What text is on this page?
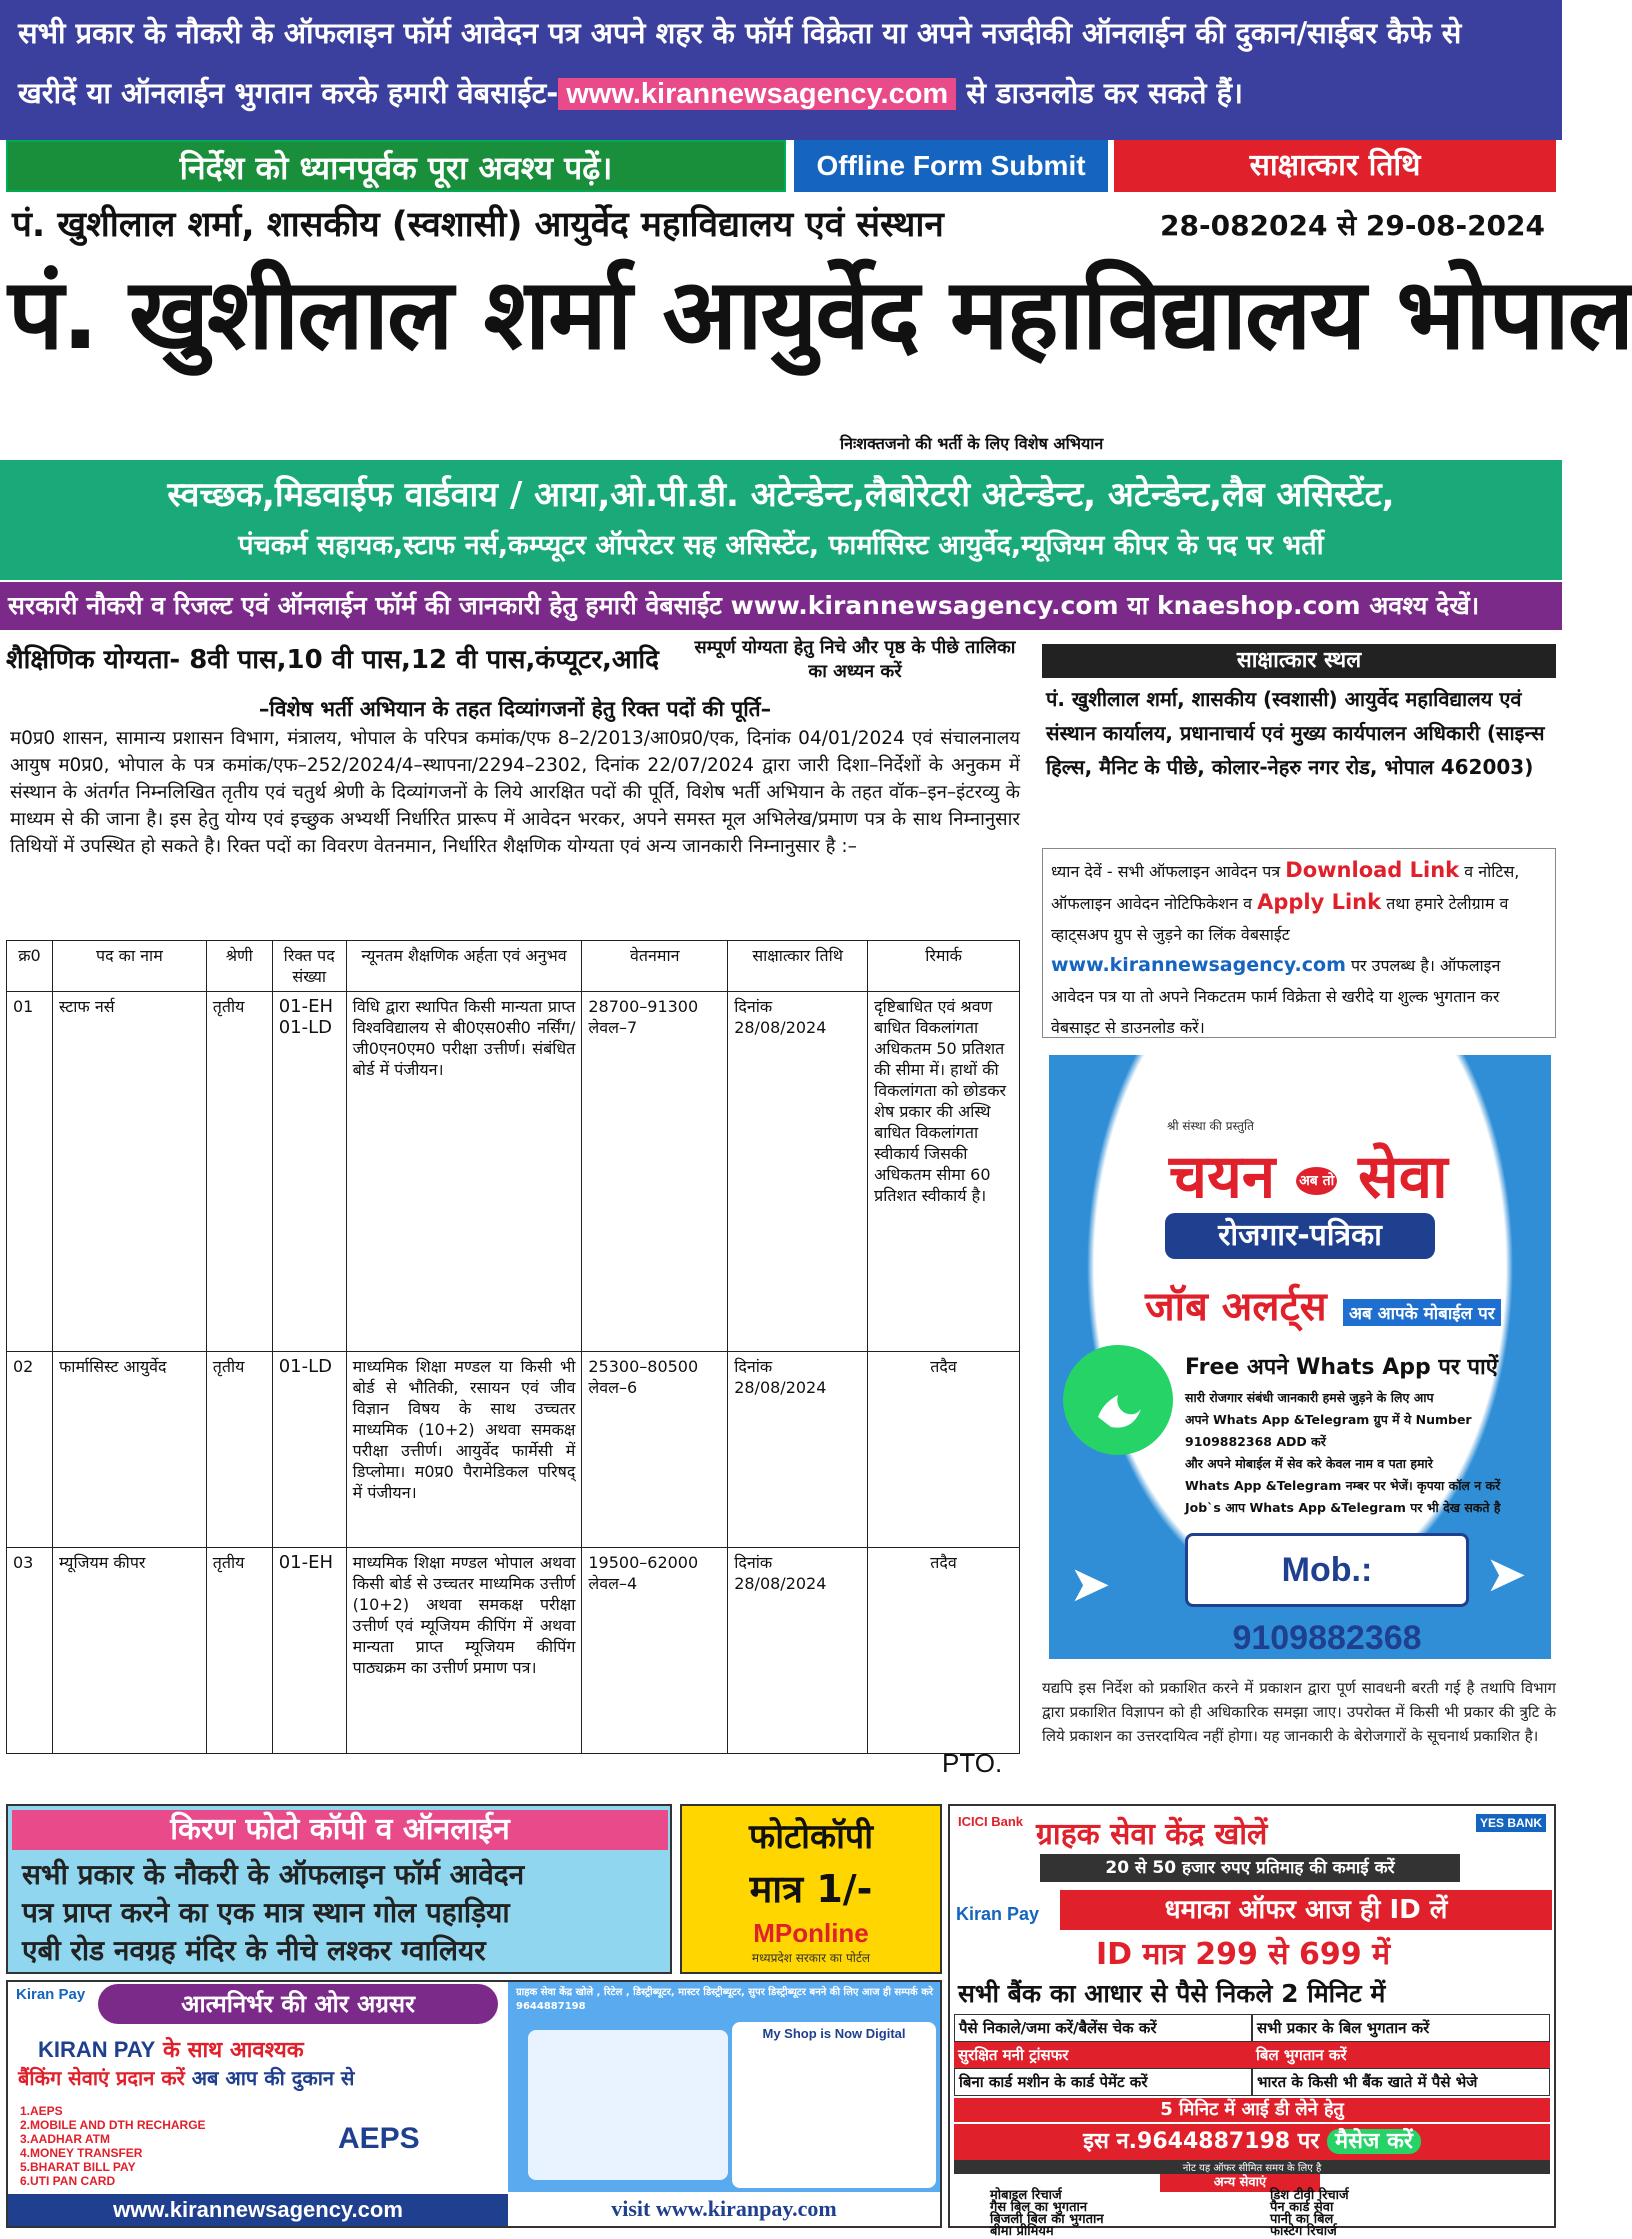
सभी प्रकार के नौकरी के ऑफलाइन फॉर्म आवेदन पत्र अपने शहर के फॉर्म विक्रेता या अपने नजदीकी ऑनलाईन की दुकान/साईबर कैफे से
खरीदें या ऑनलाईन भुगतान करके हमारी वेबसाईट- www.kirannewsagency.com से डाउनलोड कर सकते हैं।
निर्देश को ध्यानपूर्वक पूरा अवश्य पढ़ें।	Offline Form Submit	साक्षात्कार तिथि
पं. खुशीलाल शर्मा, शासकीय (स्वशासी) आयुर्वेद महाविद्यालय एवं संस्थान	28-082024 से 29-08-2024
पं. खुशीलाल शर्मा आयुर्वेद महाविद्यालय भोपाल
निःशक्तजनो की भर्ती के लिए विशेष अभियान
स्वच्छक,मिडवाईफ वार्डवाय / आया,ओ.पी.डी. अटेन्डेन्ट,लैबोरेटरी अटेन्डेन्ट, अटेन्डेन्ट,लैब असिस्टेंट,
पंचकर्म सहायक,स्टाफ नर्स,कम्प्यूटर ऑपरेटर सह असिस्टेंट, फार्मासिस्ट आयुर्वेद,म्यूजियम कीपर के पद पर भर्ती
सरकारी नौकरी व रिजल्ट एवं ऑनलाईन फॉर्म की जानकारी हेतु हमारी वेबसाईट www.kirannewsagency.com या knaeshop.com अवश्य देखें।
शैक्षिणिक योग्यता- 8वी पास,10 वी पास,12 वी पास,कंप्यूटर,आदि सम्पूर्ण योग्यता हेतु निचे और पृष्ठ के पीछे तालिका का अध्यन करें
–विशेष भर्ती अभियान के तहत दिव्यांगजनों हेतु रिक्त पदों की पूर्ति–
म0प्र0 शासन, सामान्य प्रशासन विभाग, मंत्रालय, भोपाल के परिपत्र कमांक/एफ 8–2/2013/आ0प्र0/एक, दिनांक 04/01/2024 एवं संचालनालय आयुष म0प्र0, भोपाल के पत्र कमांक/एफ–252/2024/4–स्थापना/2294–2302, दिनांक 22/07/2024 द्वारा जारी दिशा–निर्देशों के अनुकम में संस्थान के अंतर्गत निम्नलिखित तृतीय एवं चतुर्थ श्रेणी के दिव्यांगजनों के लिये आरक्षित पदों की पूर्ति, विशेष भर्ती अभियान के तहत वॉक–इन–इंटरव्यु के माध्यम से की जाना है। इस हेतु योग्य एवं इच्छुक अभ्यर्थी निर्धारित प्रारूप में आवेदन भरकर, अपने समस्त मूल अभिलेख/प्रमाण पत्र के साथ निम्नानुसार तिथियों में उपस्थित हो सकते है। रिक्त पदों का विवरण वेतनमान, निर्धारित शैक्षणिक योग्यता एवं अन्य जानकारी निम्नानुसार है :–
क्र0	पद का नाम	श्रेणी	रिक्त पद संख्या	न्यूनतम शैक्षणिक अर्हता एवं अनुभव	वेतनमान	साक्षात्कार तिथि	रिमार्क
01	स्टाफ नर्स	तृतीय	01-EH 01-LD	विधि द्वारा स्थापित किसी मान्यता प्राप्त विश्वविद्यालय से बी0एस0सी0 नर्सिंग/ जी0एन0एम0 परीक्षा उत्तीर्ण। संबंधित बोर्ड में पंजीयन।	28700–91300 लेवल–7	दिनांक 28/08/2024	दृष्टिबाधित एवं श्रवण बाधित विकलांगता अधिकतम 50 प्रतिशत की सीमा में। हाथों की विकलांगता को छोडकर शेष प्रकार की अस्थि बाधित विकलांगता स्वीकार्य जिसकी अधिकतम सीमा 60 प्रतिशत स्वीकार्य है।
02	फार्मासिस्ट आयुर्वेद	तृतीय	01-LD	माध्यमिक शिक्षा मण्डल या किसी भी बोर्ड से भौतिकी, रसायन एवं जीव विज्ञान विषय के साथ उच्चतर माध्यमिक (10+2) अथवा समकक्ष परीक्षा उत्तीर्ण। आयुर्वेद फार्मेसी में डिप्लोमा। म0प्र0 पैरामेडिकल परिषद् में पंजीयन।	25300–80500 लेवल–6	दिनांक 28/08/2024	तदैव
03	म्यूजियम कीपर	तृतीय	01-EH	माध्यमिक शिक्षा मण्डल भोपाल अथवा किसी बोर्ड से उच्चतर माध्यमिक उत्तीर्ण (10+2) अथवा समकक्ष परीक्षा उत्तीर्ण एवं म्यूजियम कीपिंग में अथवा मान्यता प्राप्त म्यूजियम कीपिंग पाठ्यक्रम का उत्तीर्ण प्रमाण पत्र।	19500–62000 लेवल–4	दिनांक 28/08/2024	तदैव
PTO.
साक्षात्कार स्थल
पं. खुशीलाल शर्मा, शासकीय (स्वशासी) आयुर्वेद महाविद्यालय एवं संस्थान कार्यालय, प्रधानाचार्य एवं मुख्य कार्यपालन अधिकारी (साइन्स हिल्स, मैनिट के पीछे, कोलार-नेहरु नगर रोड, भोपाल 462003)
ध्यान देवें - सभी ऑफलाइन आवेदन पत्र Download Link व नोटिस, ऑफलाइन आवेदन नोटिफिकेशन व Apply Link तथा हमारे टेलीग्राम व व्हाट्सअप ग्रुप से जुड़ने का लिंक वेबसाईट www.kirannewsagency.com पर उपलब्ध है। ऑफलाइन आवेदन पत्र या तो अपने निकटतम फार्म विक्रेता से खरीदे या शुल्क भुगतान कर वेबसाइट से डाउनलोड करें।
श्री संस्था की प्रस्तुति
चयन अब तो सेवा
रोजगार-पत्रिका
जॉब अलर्ट्स	अब आपके मोबाईल पर
Free अपने Whats App पर पाऐं
सारी रोजगार संबंधी जानकारी हमसे जुड़ने के लिए आप
अपने Whats App &Telegram ग्रुप में ये Number 9109882368 ADD करें
और अपने मोबाईल में सेव करे केवल नाम व पता हमारे
Whats App &Telegram नम्बर पर भेजें। कृपया कॉल न करें
Job`s आप Whats App &Telegram पर भी देख सकते है
Mob.: 9109882368
➤	➤
यद्यपि इस निर्देश को प्रकाशित करने में प्रकाशन द्वारा पूर्ण सावधनी बरती गई है तथापि विभाग द्वारा प्रकाशित विज्ञापन को ही अधिकारिक समझा जाए। उपरोक्त में किसी भी प्रकार की त्रुटि के लिये प्रकाशन का उत्तरदायित्व नहीं होगा। यह जानकारी के बेरोजगारों के सूचनार्थ प्रकाशित है।
किरण फोटो कॉपी व ऑनलाईन
सभी प्रकार के नौकरी के ऑफलाइन फॉर्म आवेदन
पत्र प्राप्त करने का एक मात्र स्थान गोल पहाड़िया
एबी रोड नवग्रह मंदिर के नीचे लश्कर ग्वालियर
फोटोकॉपी
मात्र 1/-
MPonline
मध्यप्रदेश सरकार का पोर्टल
ICICI Bank	YES BANK
ग्राहक सेवा केंद्र खोलें
20 से 50 हजार रुपए प्रतिमाह की कमाई करें
धमाका ऑफर आज ही ID लें
Kiran Pay
ID मात्र 299 से 699 में
सभी बैंक का आधार से पैसे निकले 2 मिनिट में
पैसे निकाले/जमा करें/बैलेंस चेक करें	सभी प्रकार के बिल भुगतान करें
सुरक्षित मनी ट्रांसफर	बिल भुगतान करें
बिना कार्ड मशीन के कार्ड पेमेंट करें	भारत के किसी भी बैंक खाते में पैसे भेजे
5 मिनिट में आई डी लेने हेतु
इस न.9644887198 पर मैसेज करें
नोट यह ऑफर सीमित समय के लिए है
अन्य सेवाएं
मोबाइल रिचार्ज	डिश टीवी रिचार्ज
गैस बिल का भुगतान	पैन कार्ड सेवा
बिजली बिल का भुगतान	पानी का बिल
बीमा प्रीमियम	फास्टेग रिचार्ज
Kiran Pay	आत्मनिर्भर की ओर अग्रसर
KIRAN PAY के साथ आवश्यक
बैंकिंग सेवाएं प्रदान करें अब आप की दुकान से
1.AEPS
2.MOBILE AND DTH RECHARGE
3.AADHAR ATM
4.MONEY TRANSFER
5.BHARAT BILL PAY
6.UTI PAN CARD
AEPS
www.kirannewsagency.com
ग्राहक सेवा केंद्र खोले , रिटेल , डिस्ट्रीब्यूटर, मास्टर डिस्ट्रीब्यूटर, सुपर डिस्ट्रीब्यूटर बनने की लिए आज ही सम्पर्क करे 9644887198
My Shop is Now Digital
visit www.kiranpay.com
